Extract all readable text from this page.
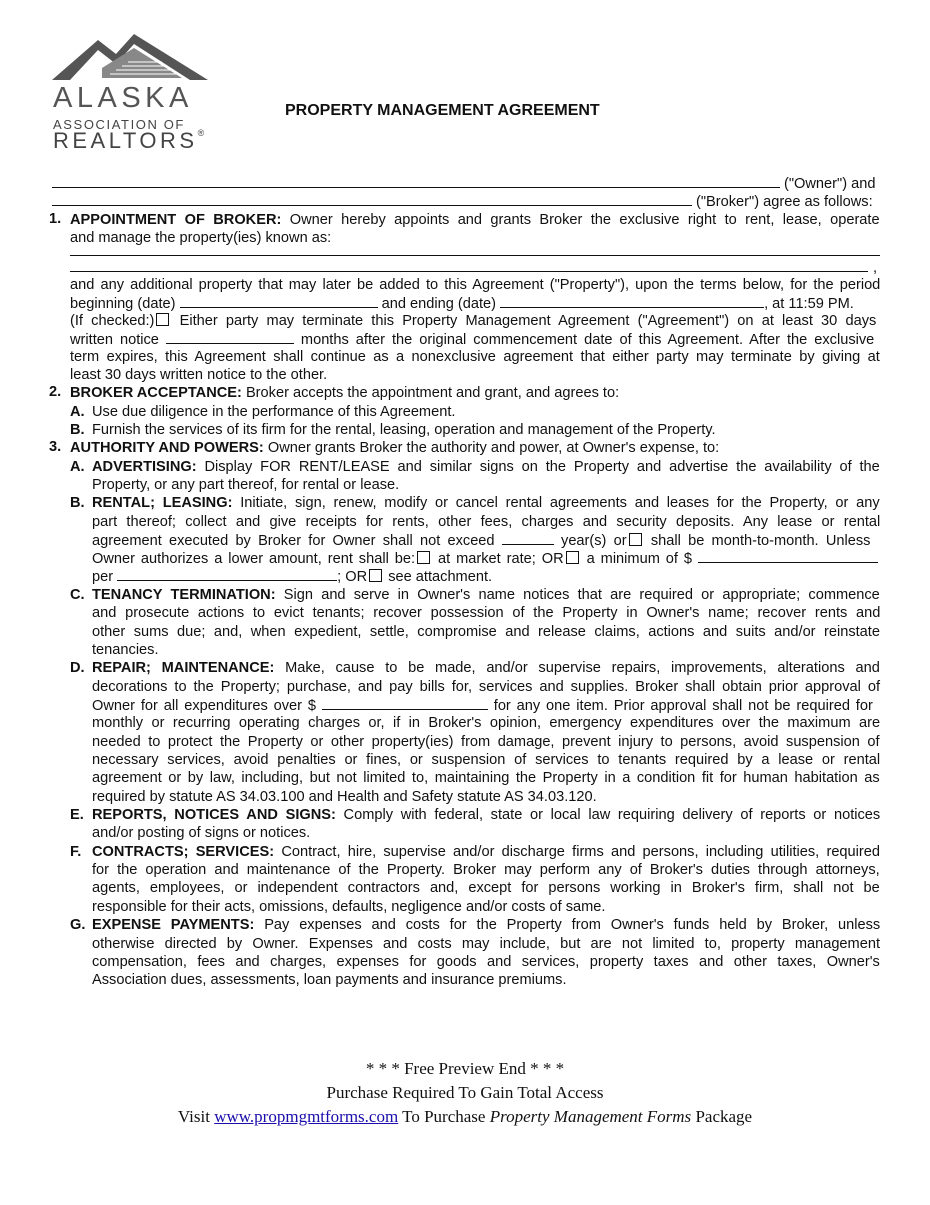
ALASKA
ASSOCIATION OF
REALTORS®
PROPERTY MANAGEMENT AGREEMENT
("Owner") and
("Broker") agree as follows:
1. APPOINTMENT OF BROKER: Owner hereby appoints and grants Broker the exclusive right to rent, lease, operate
and manage the property(ies) known as:
,
and any additional property that may later be added to this Agreement ("Property"), upon the terms below, for the period
beginning (date)	and ending (date)	, at 11:59 PM.
(If checked:) Either party may terminate this Property Management Agreement ("Agreement") on at least 30 days
written notice	months after the original commencement date of this Agreement. After the exclusive
term expires, this Agreement shall continue as a nonexclusive agreement that either party may terminate by giving at
least 30 days written notice to the other.
2. BROKER ACCEPTANCE: Broker accepts the appointment and grant, and agrees to:
A. Use due diligence in the performance of this Agreement.
B. Furnish the services of its firm for the rental, leasing, operation and management of the Property.
3. AUTHORITY AND POWERS: Owner grants Broker the authority and power, at Owner's expense, to:
A. ADVERTISING: Display FOR RENT/LEASE and similar signs on the Property and advertise the availability of the
Property, or any part thereof, for rental or lease.
B. RENTAL; LEASING: Initiate, sign, renew, modify or cancel rental agreements and leases for the Property, or any
part thereof; collect and give receipts for rents, other fees, charges and security deposits. Any lease or rental
agreement executed by Broker for Owner shall not exceed	year(s) or shall be month-to-month. Unless
Owner authorizes a lower amount, rent shall be: at market rate; OR a minimum of $
per	; OR see attachment.
C. TENANCY TERMINATION: Sign and serve in Owner's name notices that are required or appropriate; commence
and prosecute actions to evict tenants; recover possession of the Property in Owner's name; recover rents and
other sums due; and, when expedient, settle, compromise and release claims, actions and suits and/or reinstate
tenancies.
D. REPAIR; MAINTENANCE: Make, cause to be made, and/or supervise repairs, improvements, alterations and
decorations to the Property; purchase, and pay bills for, services and supplies. Broker shall obtain prior approval of
Owner for all expenditures over $	for any one item. Prior approval shall not be required for
monthly or recurring operating charges or, if in Broker's opinion, emergency expenditures over the maximum are
needed to protect the Property or other property(ies) from damage, prevent injury to persons, avoid suspension of
necessary services, avoid penalties or fines, or suspension of services to tenants required by a lease or rental
agreement or by law, including, but not limited to, maintaining the Property in a condition fit for human habitation as
required by statute AS 34.03.100 and Health and Safety statute AS 34.03.120.
E. REPORTS, NOTICES AND SIGNS: Comply with federal, state or local law requiring delivery of reports or notices
and/or posting of signs or notices.
F. CONTRACTS; SERVICES: Contract, hire, supervise and/or discharge firms and persons, including utilities, required
for the operation and maintenance of the Property. Broker may perform any of Broker's duties through attorneys,
agents, employees, or independent contractors and, except for persons working in Broker's firm, shall not be
responsible for their acts, omissions, defaults, negligence and/or costs of same.
G. EXPENSE PAYMENTS: Pay expenses and costs for the Property from Owner's funds held by Broker, unless
otherwise directed by Owner. Expenses and costs may include, but are not limited to, property management
compensation, fees and charges, expenses for goods and services, property taxes and other taxes, Owner's
Association dues, assessments, loan payments and insurance premiums.
* * * Free Preview End * * *
Purchase Required To Gain Total Access
Visit www.propmgmtforms.com To Purchase Property Management Forms Package
